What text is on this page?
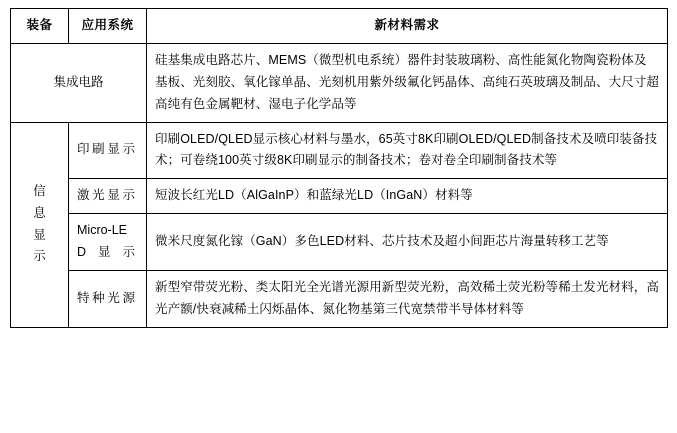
装备	应用系统	新材料需求
集成电路		硅基集成电路芯片、MEMS（微型机电系统）器件封装玻璃粉、高性能氮化物陶瓷粉体及基板、光刻胶、氧化镓单晶、光刻机用紫外级氟化钙晶体、高纯石英玻璃及制品、大尺寸超高纯有色金属靶材、湿电子化学品等

信息显示	印刷显示	印刷OLED/QLED显示核心材料与墨水，65英寸8K印刷OLED/QLED制备技术及喷印装备技术；可卷绕100英寸级8K印刷显示的制备技术；卷对卷全印刷制备技术等

	激光显示	短波长红光LD（AlGaInP）和蓝绿光LD（InGaN）材料等

	Micro-LED显示	微米尺度氮化镓（GaN）多色LED材料、芯片技术及超小间距芯片海量转移工艺等

	特种光源	新型窄带荧光粉、类太阳光全光谱光源用新型荧光粉，高效稀土荧光粉等稀土发光材料，高光产额/快衰减稀土闪烁晶体、氮化物基第三代宽禁带半导体材料等
